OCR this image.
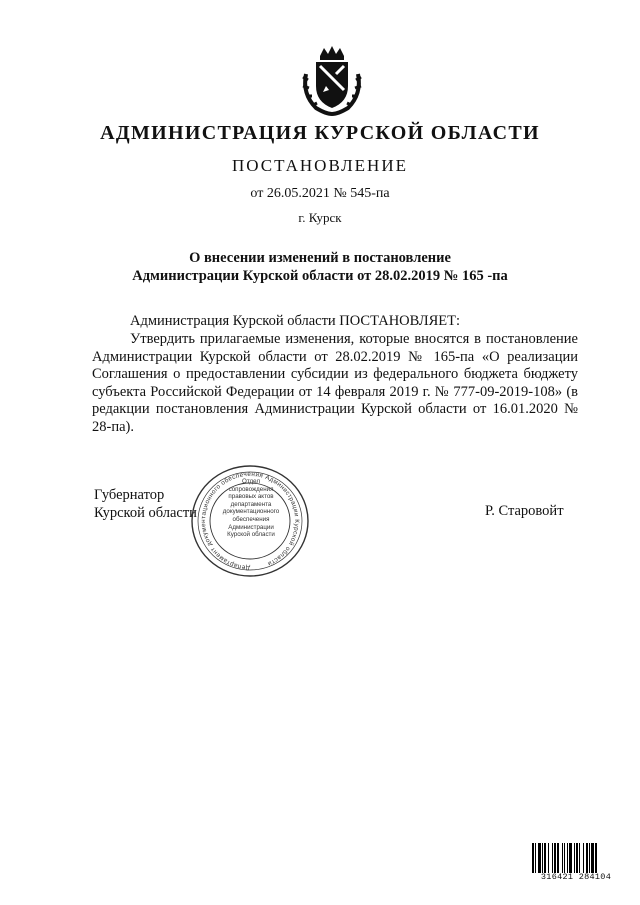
АДМИНИСТРАЦИЯ КУРСКОЙ ОБЛАСТИ
ПОСТАНОВЛЕНИЕ
от 26.05.2021 № 545-па
г. Курск
О внесении изменений в постановление
Администрации Курской области от 28.02.2019 № 165 -па
Администрация Курской области ПОСТАНОВЛЯЕТ:
Утвердить прилагаемые изменения, которые вносятся в постановление Администрации Курской области от 28.02.2019 № 165-па «О реализации Соглашения о предоставлении субсидии из федерального бюджета бюджету субъекта Российской Федерации от 14 февраля 2019 г. № 777-09-2019-108» (в редакции постановления Администрации Курской области от 16.01.2020 № 28-па).
Губернатор
Курской области	Р. Старовойт
Департамент документационного обеспечения Администрации Курской области
Отдел
сопровождения
правовых актов
департамента
документационного
обеспечения
Администрации
Курской области
316421 284104
